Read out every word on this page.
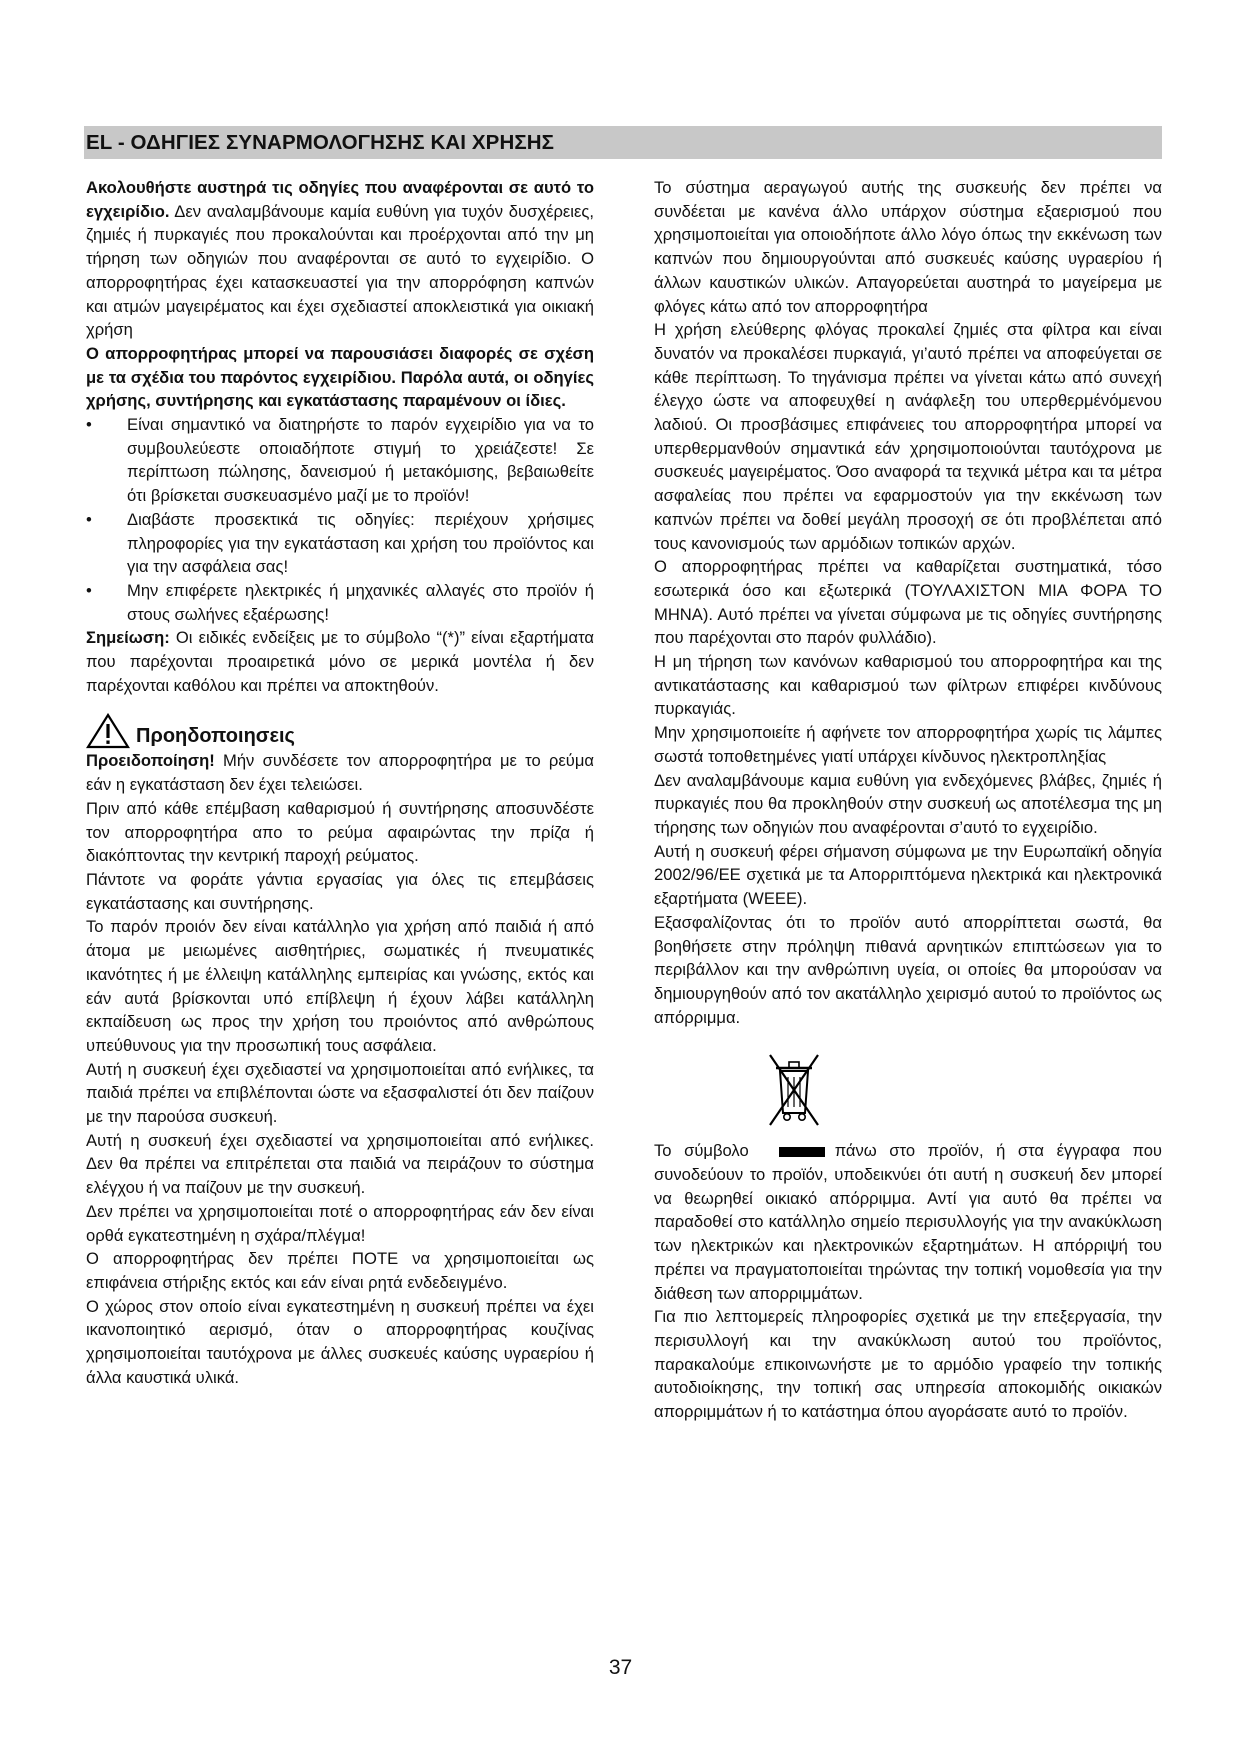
EL - ΟΔΗΓΙΕΣ ΣΥΝΑΡΜΟΛΟΓΗΣΗΣ ΚΑΙ ΧΡΗΣΗΣ

Ακολουθήστε αυστηρά τις οδηγίες που αναφέρονται σε αυτό το εγχειρίδιο. Δεν αναλαμβάνουμε καμία ευθύνη για τυχόν δυσχέρειες, ζημιές ή πυρκαγιές που προκαλούνται και προέρχονται από την μη τήρηση των οδηγιών που αναφέρονται σε αυτό το εγχειρίδιο. Ο απορροφητήρας έχει κατασκευαστεί για την απορρόφηση καπνών και ατμών μαγειρέματος και έχει σχεδιαστεί αποκλειστικά για οικιακή χρήση

Ο απορροφητήρας μπορεί να παρουσιάσει διαφορές σε σχέση με τα σχέδια του παρόντος εγχειρίδιου. Παρόλα αυτά, οι οδηγίες χρήσης, συντήρησης και εγκατάστασης παραμένουν οι ίδιες.

• Είναι σημαντικό να διατηρήστε το παρόν εγχειρίδιο για να το συμβουλεύεστε οποιαδήποτε στιγμή το χρειάζεστε! Σε περίπτωση πώλησης, δανεισμού ή μετακόμισης, βεβαιωθείτε ότι βρίσκεται συσκευασμένο μαζί με το προϊόν!
• Διαβάστε προσεκτικά τις οδηγίες: περιέχουν χρήσιμες πληροφορίες για την εγκατάσταση και χρήση του προϊόντος και για την ασφάλεια σας!
• Μην επιφέρετε ηλεκτρικές ή μηχανικές αλλαγές στο προϊόν ή στους σωλήνες εξαέρωσης!

Σημείωση: Οι ειδικές ενδείξεις με το σύμβολο “(*)” είναι εξαρτήματα που παρέχονται προαιρετικά μόνο σε μερικά μοντέλα ή δεν παρέχονται καθόλου και πρέπει να αποκτηθούν.

Προηδοποιησεις

Προειδοποίηση! Μήν συνδέσετε τον απορροφητήρα με το ρεύμα εάν η εγκατάσταση δεν έχει τελειώσει.

Πριν από κάθε επέμβαση καθαρισμού ή συντήρησης αποσυνδέστε τον απορροφητήρα απο το ρεύμα αφαιρώντας την πρίζα ή διακόπτοντας την κεντρική παροχή ρεύματος.

Πάντοτε να φοράτε γάντια εργασίας για όλες τις επεμβάσεις εγκατάστασης και συντήρησης.

Το παρόν προιόν δεν είναι κατάλληλο για χρήση από παιδιά ή από άτομα με μειωμένες αισθητήριες, σωματικές ή πνευματικές ικανότητες ή με έλλειψη κατάλληλης εμπειρίας και γνώσης, εκτός και εάν αυτά βρίσκονται υπό επίβλεψη ή έχουν λάβει κατάλληλη εκπαίδευση ως προς την χρήση του προιόντος από ανθρώπους υπεύθυνους για την προσωπική τους ασφάλεια.

Αυτή η συσκευή έχει σχεδιαστεί να χρησιμοποιείται από ενήλικες, τα παιδιά πρέπει να επιβλέπονται ώστε να εξασφαλιστεί ότι δεν παίζουν με την παρούσα συσκευή.

Αυτή η συσκευή έχει σχεδιαστεί να χρησιμοποιείται από ενήλικες. Δεν θα πρέπει να επιτρέπεται στα παιδιά να πειράζουν το σύστημα ελέγχου ή να παίζουν με την συσκευή.

Δεν πρέπει να χρησιμοποιείται ποτέ ο απορροφητήρας εάν δεν είναι ορθά εγκατεστημένη η σχάρα/πλέγμα!

Ο απορροφητήρας δεν πρέπει ΠΟΤΕ να χρησιμοποιείται ως επιφάνεια στήριξης εκτός και εάν είναι ρητά ενδεδειγμένο.

Ο χώρος στον οποίο είναι εγκατεστημένη η συσκευή πρέπει να έχει ικανοποιητικό αερισμό, όταν ο απορροφητήρας κουζίνας χρησιμοποιείται ταυτόχρονα με άλλες συσκευές καύσης υγραερίου ή άλλα καυστικά υλικά.

Το σύστημα αεραγωγού αυτής της συσκευής δεν πρέπει να συνδέεται με κανένα άλλο υπάρχον σύστημα εξαερισμού που χρησιμοποιείται για οποιοδήποτε άλλο λόγο όπως την εκκένωση των καπνών που δημιουργούνται από συσκευές καύσης υγραερίου ή άλλων καυστικών υλικών. Απαγορεύεται αυστηρά το μαγείρεμα με φλόγες κάτω από τον απορροφητήρα

Η χρήση ελεύθερης φλόγας προκαλεί ζημιές στα φίλτρα και είναι δυνατόν να προκαλέσει πυρκαγιά, γι’αυτό πρέπει να αποφεύγεται σε κάθε περίπτωση. Το τηγάνισμα πρέπει να γίνεται κάτω από συνεχή έλεγχο ώστε να αποφευχθεί η ανάφλεξη του υπερθερμένόμενου λαδιού. Οι προσβάσιμες επιφάνειες του απορροφητήρα μπορεί να υπερθερμανθούν σημαντικά εάν χρησιμοποιούνται ταυτόχρονα με συσκευές μαγειρέματος. Όσο αναφορά τα τεχνικά μέτρα και τα μέτρα ασφαλείας που πρέπει να εφαρμοστούν για την εκκένωση των καπνών πρέπει να δοθεί μεγάλη προσοχή σε ότι προβλέπεται από τους κανονισμούς των αρμόδιων τοπικών αρχών.

Ο απορροφητήρας πρέπει να καθαρίζεται συστηματικά, τόσο εσωτερικά όσο και εξωτερικά (ΤΟΥΛΑΧΙΣΤΟΝ ΜΙΑ ΦΟΡΑ ΤΟ ΜΗΝΑ). Αυτό πρέπει να γίνεται σύμφωνα με τις οδηγίες συντήρησης που παρέχονται στο παρόν φυλλάδιο).

Η μη τήρηση των κανόνων καθαρισμού του απορροφητήρα και της αντικατάστασης και καθαρισμού των φίλτρων επιφέρει κινδύνους πυρκαγιάς.

Μην χρησιμοποιείτε ή αφήνετε τον απορροφητήρα χωρίς τις λάμπες σωστά τοποθετημένες γιατί υπάρχει κίνδυνος ηλεκτροπληξίας

Δεν αναλαμβάνουμε καμια ευθύνη για ενδεχόμενες βλάβες, ζημιές ή πυρκαγιές που θα προκληθούν στην συσκευή ως αποτέλεσμα της μη τήρησης των οδηγιών που αναφέρονται σ’αυτό το εγχειρίδιο.

Αυτή η συσκευή φέρει σήμανση σύμφωνα με την Ευρωπαϊκή οδηγία 2002/96/ΕΕ σχετικά με τα Απορριπτόμενα ηλεκτρικά και ηλεκτρονικά εξαρτήματα (WEEE).

Εξασφαλίζοντας ότι το προϊόν αυτό απορρίπτεται σωστά, θα βοηθήσετε στην πρόληψη πιθανά αρνητικών επιπτώσεων για το περιβάλλον και την ανθρώπινη υγεία, οι οποίες θα μπορούσαν να δημιουργηθούν από τον ακατάλληλο χειρισμό αυτού το προϊόντος ως απόρριμμα.

Το σύμβολο	πάνω στο προϊόν, ή στα έγγραφα που συνοδεύουν το προϊόν, υποδεικνύει ότι αυτή η συσκευή δεν μπορεί να θεωρηθεί οικιακό απόρριμμα. Αντί για αυτό θα πρέπει να παραδοθεί στο κατάλληλο σημείο περισυλλογής για την ανακύκλωση των ηλεκτρικών και ηλεκτρονικών εξαρτημάτων. Η απόρριψή του πρέπει να πραγματοποιείται τηρώντας την τοπική νομοθεσία για την διάθεση των απορριμμάτων.

Για πιο λεπτομερείς πληροφορίες σχετικά με την επεξεργασία, την περισυλλογή και την ανακύκλωση αυτού του προϊόντος, παρακαλούμε επικοινωνήστε με το αρμόδιο γραφείο την τοπικής αυτοδιοίκησης, την τοπική σας υπηρεσία αποκομιδής οικιακών απορριμμάτων ή το κατάστημα όπου αγοράσατε αυτό το προϊόν.

37
